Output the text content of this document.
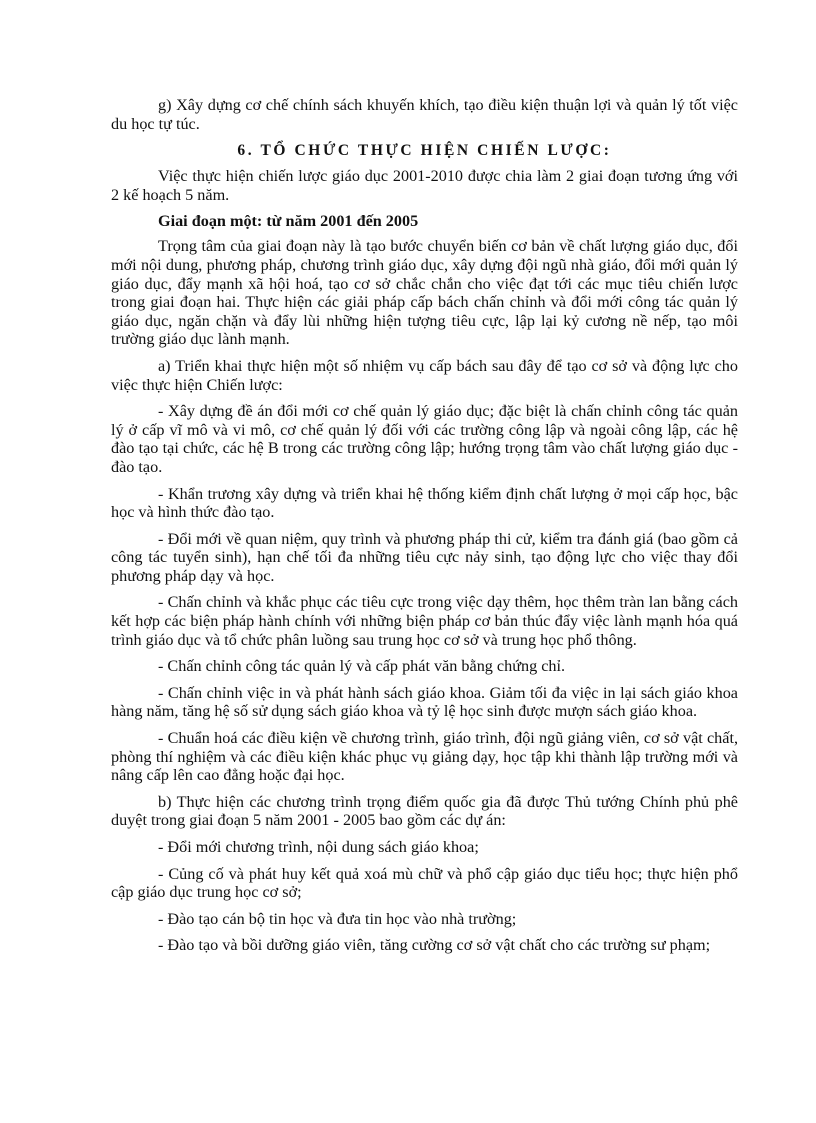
g) Xây dựng cơ chế chính sách khuyến khích, tạo điều kiện thuận lợi và quản lý tốt việc du học tự túc.

6. TỔ CHỨC THỰC HIỆN CHIẾN LƯỢC:

Việc thực hiện chiến lược giáo dục 2001-2010 được chia làm 2 giai đoạn tương ứng với 2 kế hoạch 5 năm.

Giai đoạn một: từ năm 2001 đến 2005

Trọng tâm của giai đoạn này là tạo bước chuyển biến cơ bản về chất lượng giáo dục, đổi mới nội dung, phương pháp, chương trình giáo dục, xây dựng đội ngũ nhà giáo, đổi mới quản lý giáo dục, đẩy mạnh xã hội hoá, tạo cơ sở chắc chắn cho việc đạt tới các mục tiêu chiến lược trong giai đoạn hai. Thực hiện các giải pháp cấp bách chấn chỉnh và đổi mới công tác quản lý giáo dục, ngăn chặn và đẩy lùi những hiện tượng tiêu cực, lập lại kỷ cương nề nếp, tạo môi trường giáo dục lành mạnh.

a) Triển khai thực hiện một số nhiệm vụ cấp bách sau đây để tạo cơ sở và động lực cho việc thực hiện Chiến lược:

- Xây dựng đề án đổi mới cơ chế quản lý giáo dục; đặc biệt là chấn chỉnh công tác quản lý ở cấp vĩ mô và vi mô, cơ chế quản lý đối với các trường công lập và ngoài công lập, các hệ đào tạo tại chức, các hệ B trong các trường công lập; hướng trọng tâm vào chất lượng giáo dục - đào tạo.

- Khẩn trương xây dựng và triển khai hệ thống kiểm định chất lượng ở mọi cấp học, bậc học và hình thức đào tạo.

- Đổi mới về quan niệm, quy trình và phương pháp thi cử, kiểm tra đánh giá (bao gồm cả công tác tuyển sinh), hạn chế tối đa những tiêu cực nảy sinh, tạo động lực cho việc thay đổi phương pháp dạy và học.

- Chấn chỉnh và khắc phục các tiêu cực trong việc dạy thêm, học thêm tràn lan bằng cách kết hợp các biện pháp hành chính với những biện pháp cơ bản thúc đẩy việc lành mạnh hóa quá trình giáo dục và tổ chức phân luồng sau trung học cơ sở và trung học phổ thông.

- Chấn chỉnh công tác quản lý và cấp phát văn bằng chứng chỉ.

- Chấn chỉnh việc in và phát hành sách giáo khoa. Giảm tối đa việc in lại sách giáo khoa hàng năm, tăng hệ số sử dụng sách giáo khoa và tỷ lệ học sinh được mượn sách giáo khoa.

- Chuẩn hoá các điều kiện về chương trình, giáo trình, đội ngũ giảng viên, cơ sở vật chất, phòng thí nghiệm và các điều kiện khác phục vụ giảng dạy, học tập khi thành lập trường mới và nâng cấp lên cao đẳng hoặc đại học.

b) Thực hiện các chương trình trọng điểm quốc gia đã được Thủ tướng Chính phủ phê duyệt trong giai đoạn 5 năm 2001 - 2005 bao gồm các dự án:

- Đổi mới chương trình, nội dung sách giáo khoa;

- Củng cố và phát huy kết quả xoá mù chữ và phổ cập giáo dục tiểu học; thực hiện phổ cập giáo dục trung học cơ sở;

- Đào tạo cán bộ tin học và đưa tin học vào nhà trường;

- Đào tạo và bồi dưỡng giáo viên, tăng cường cơ sở vật chất cho các trường sư phạm;
